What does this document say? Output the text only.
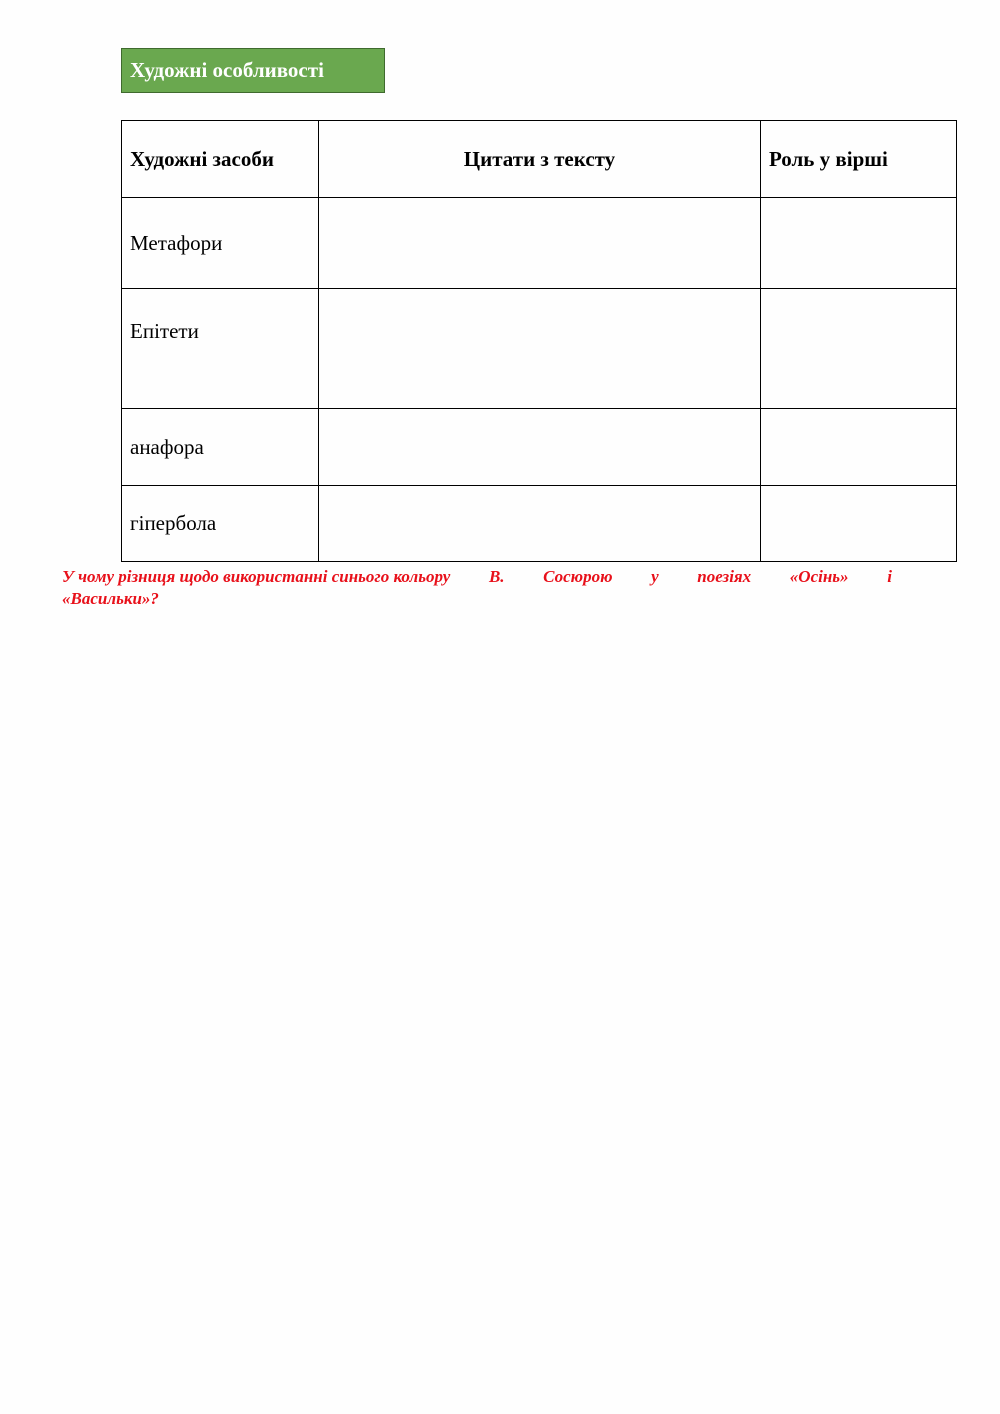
Художні особливості
Художні засоби	Цитати з тексту	Роль у вірші
Метафори		
Епітети		
анафора		
гіпербола		
У чому різниця щодо використанні синього кольору В. Сосюрою у поезіях «Осінь» і
«Васильки»?
